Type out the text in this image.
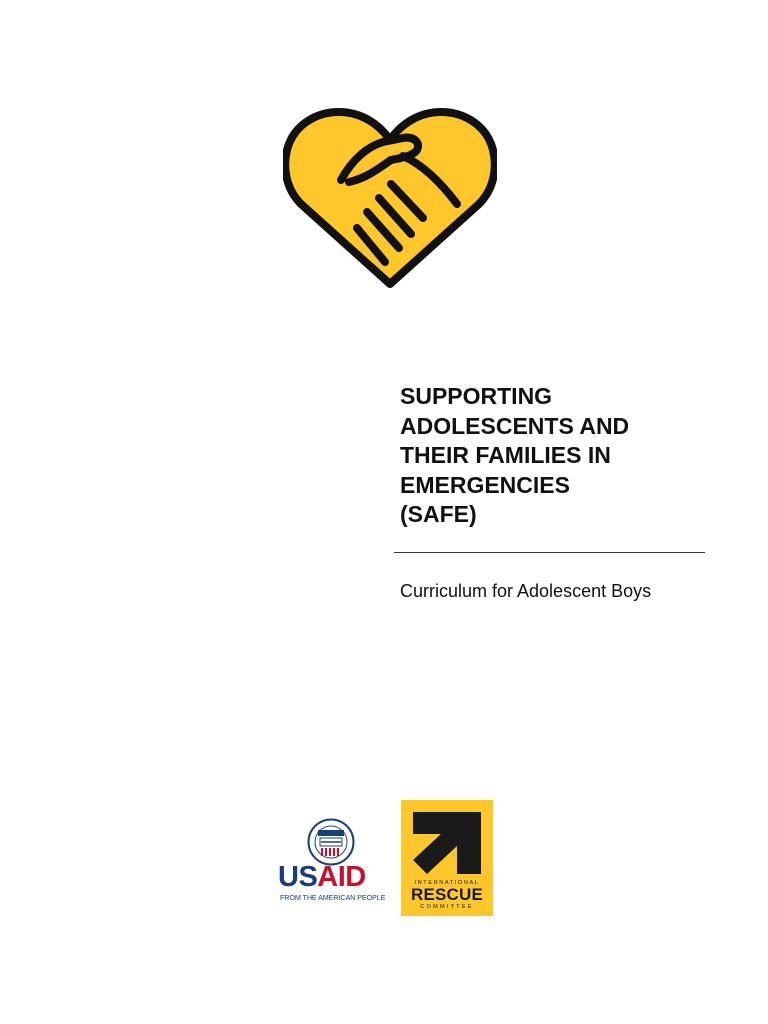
SUPPORTING
ADOLESCENTS AND
THEIR FAMILIES IN
EMERGENCIES
(SAFE)

Curriculum for Adolescent Boys

USAID
FROM THE AMERICAN PEOPLE
INTERNATIONAL
RESCUE
COMMITTEE
